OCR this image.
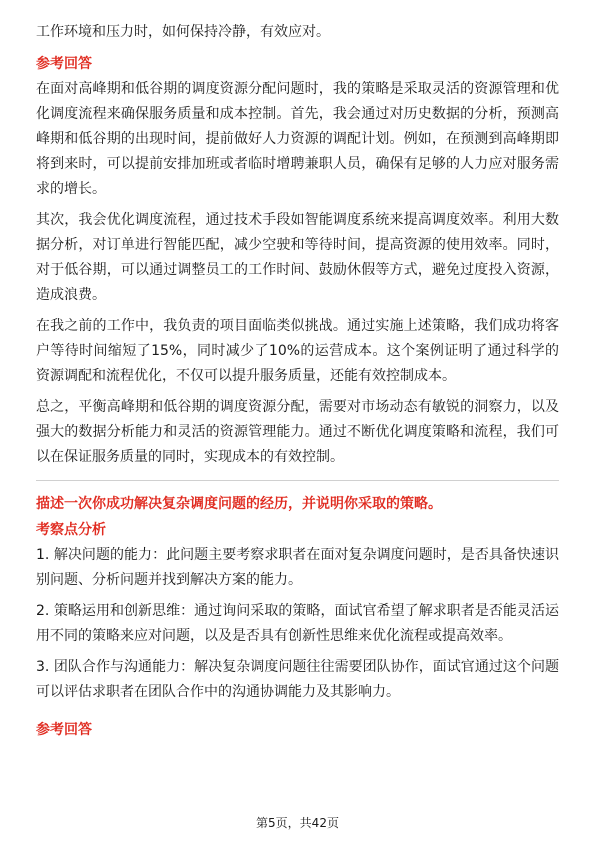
工作环境和压力时，如何保持冷静，有效应对。

参考回答

在面对高峰期和低谷期的调度资源分配问题时，我的策略是采取灵活的资源管理和优化调度流程来确保服务质量和成本控制。首先，我会通过对历史数据的分析，预测高峰期和低谷期的出现时间，提前做好人力资源的调配计划。例如，在预测到高峰期即将到来时，可以提前安排加班或者临时增聘兼职人员，确保有足够的人力应对服务需求的增长。

其次，我会优化调度流程，通过技术手段如智能调度系统来提高调度效率。利用大数据分析，对订单进行智能匹配，减少空驶和等待时间，提高资源的使用效率。同时，对于低谷期，可以通过调整员工的工作时间、鼓励休假等方式，避免过度投入资源，造成浪费。

在我之前的工作中，我负责的项目面临类似挑战。通过实施上述策略，我们成功将客户等待时间缩短了15%，同时减少了10%的运营成本。这个案例证明了通过科学的资源调配和流程优化，不仅可以提升服务质量，还能有效控制成本。

总之，平衡高峰期和低谷期的调度资源分配，需要对市场动态有敏锐的洞察力，以及强大的数据分析能力和灵活的资源管理能力。通过不断优化调度策略和流程，我们可以在保证服务质量的同时，实现成本的有效控制。

描述一次你成功解决复杂调度问题的经历，并说明你采取的策略。
考察点分析

1. 解决问题的能力：此问题主要考察求职者在面对复杂调度问题时，是否具备快速识别问题、分析问题并找到解决方案的能力。

2. 策略运用和创新思维：通过询问采取的策略，面试官希望了解求职者是否能灵活运用不同的策略来应对问题，以及是否具有创新性思维来优化流程或提高效率。

3. 团队合作与沟通能力：解决复杂调度问题往往需要团队协作，面试官通过这个问题可以评估求职者在团队合作中的沟通协调能力及其影响力。

参考回答
第5页，共42页
